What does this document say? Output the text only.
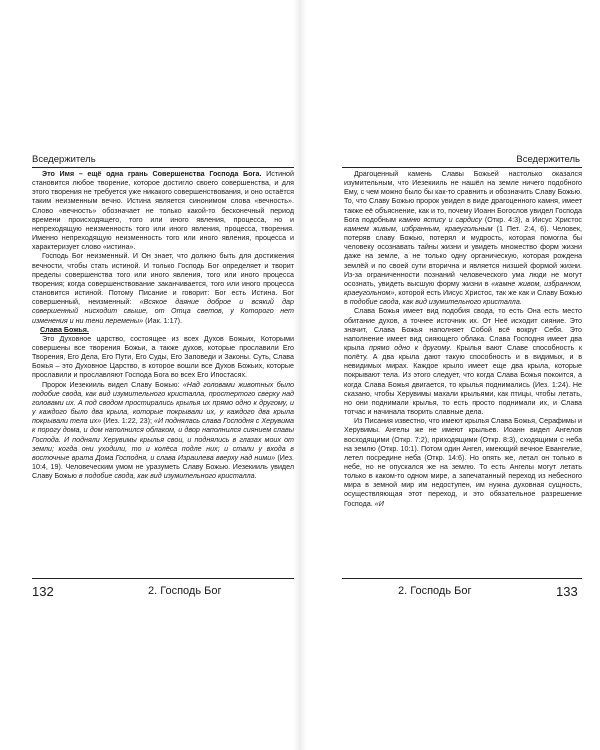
Вседержитель

Это Имя – ещё одна грань Совершенства Господа Бога. Истиной становится любое творение, которое достигло своего совершенства, и для этого творения не требуется уже никакого совершенствования, и оно остаётся таким неизменным вечно. Истина является синонимом слова «вечность». Слово «вечность» обозначает не только какой-то бесконечный период времени происходящего, того или иного явления, процесса, но и непреходящую неизменность того или иного явления, процесса, творения. Именно непреходящую неизменность того или иного явления, процесса и характеризует слово «истина».

Господь Бог неизменный. И Он знает, что должно быть для достижения вечности, чтобы стать истиной. И только Господь Бог определяет и творит пределы совершенства того или иного явления, того или иного процесса творения; когда совершенствование заканчивается, того или иного процесса становится истиной. Потому Писание и говорит: Бог есть Истина. Бог совершенный, неизменный: «Всякое даяние доброе и всякий дар совершенный нисходит свыше, от Отца светов, у Которого нет изменения и ни тени перемены» (Иак. 1:17).

Слава Божья.

Это Духовное царство, состоящее из всех Духов Божьих, Которыми совершены все творения Божьи, а также духов, которые прославили Его Творения, Его Дела, Его Пути, Его Суды, Его Заповеди и Законы. Суть, Слава Божья – это Духовное Царство, в которое вошли все Духов Божьих, которые прославили и прославляют Господа Бога во всех Его Ипостасях.

Пророк Иезекииль видел Славу Божью: «Над головами животных было подобие свода, как вид изумительного кристалла, простертого сверху над головами их. А под сводом простирались крылья их прямо одно к другому, и у каждого было два крыла, которые покрывали их, у каждого два крыла покрывали тела их» (Иез. 1:22, 23); «И поднялась слава Господня с Херувима к порогу дома, и дом наполнился облаком, и двор наполнился сиянием славы Господа. И подняли Херувимы крылья свои, и поднялись в глазах моих от земли; когда они уходили, то и колёса подле них; и стали у входа в восточные врата Дома Господня, и слава Израилева вверху над ними» (Иез. 10:4, 19). Человеческим умом не уразуметь Славу Божью. Иезекииль увидел Славу Божью в подобие свода, как вид изумительного кристалла.

132	2. Господь Бог
Вседержитель

Драгоценный камень Славы Божьей настолько оказался изумительным, что Иезекииль не нашёл на земле ничего подобного Ему, с чем можно было бы как-то сравнить и обозначить Славу Божью. То, что Славу Божью пророк увидел в виде драгоценного камня, имеет также её объяснение, как и то, почему Иоанн Богослов увидел Господа Бога подобным камню яспису и сардису (Откр. 4:3), а Иисус Христос камнем живым, избранным, краеугольным (1 Пет. 2:4, 6). Человек, потеряв славу Божью, потерял и мудрость, которая помогла бы человеку осознавать тайны жизни и увидеть множество форм жизни даже на земле, а не только одну органическую, которая рождена землёй и по своей сути вторична и является низшей формой жизни. Из-за ограниченности познаний человеческого ума люди не могут осознать, увидеть высшую форму жизни в «камне живом, избранном, краеугольном», которой есть Иисус Христос, так же как и Славу Божью в подобие свода, как вид изумительного кристалла.

Слава Божья имеет вид подобия свода, то есть Она есть место обитание духов, а точнее источник их. От Неё исходит сияние. Это значит, Слава Божья наполняет Собой всё вокруг Себя. Это наполнение имеет вид сияющего облака. Слава Господня имеет два крыла прямо одно к другому. Крылья вают Славе способность к полёту. А два крыла дают такую способность и в видимых, и в невидимых мирах. Каждое крыло имеет еще два крыла, которые покрывают тела. Из этого следует, что когда Слава Божья покоится, а когда Слава Божья двигается, то крылья поднимались (Иез. 1:24). Не сказано, чтобы Херувимы махали крыльями, как птицы, чтобы летать, но они поднимали крылья, то есть просто поднимали их, и Слава тотчас и начинала творить славные дела.

Из Писания известно, что имеют крылья Слава Божья, Серафимы и Херувимы. Ангелы же не имеют крыльев. Иоанн видел Ангелов восходящими (Откр. 7:2), приходящими (Откр. 8:3), сходящими с неба на землю (Откр. 10:1). Потом один Ангел, имеющий вечное Евангелие, летел посредине неба (Откр. 14:6). Но опять же, летал он только в небе, но не опускался же на землю. То есть Ангелы могут летать только в каком-то одном мире, а запечатанный переход из небесного мира в земной мир им недоступен, им нужна духовная сущность, осуществляющая этот переход, и это обязательное разрешение Господа. «И

2. Господь Бог	133
